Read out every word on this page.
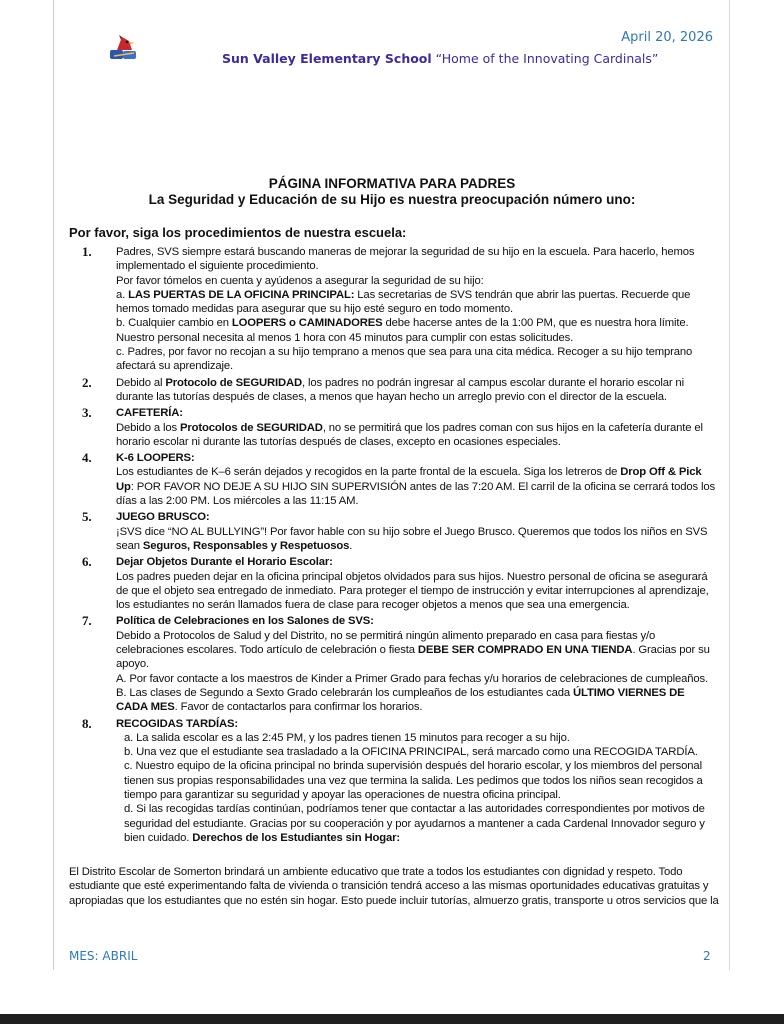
April 20, 2026
Sun Valley Elementary School “Home of the Innovating Cardinals”
PÁGINA INFORMATIVA PARA PADRES
La Seguridad y Educación de su Hijo es nuestra preocupación número uno:
Por favor, siga los procedimientos de nuestra escuela:
1. Padres, SVS siempre estará buscando maneras de mejorar la seguridad de su hijo en la escuela. Para hacerlo, hemos implementado el siguiente procedimiento.

Por favor tómelos en cuenta y ayúdenos a asegurar la seguridad de su hijo:

a. LAS PUERTAS DE LA OFICINA PRINCIPAL: Las secretarias de SVS tendrán que abrir las puertas. Recuerde que hemos tomado medidas para asegurar que su hijo esté seguro en todo momento.

b. Cualquier cambio en LOOPERS o CAMINADORES debe hacerse antes de la 1:00 PM, que es nuestra hora límite. Nuestro personal necesita al menos 1 hora con 45 minutos para cumplir con estas solicitudes.

c. Padres, por favor no recojan a su hijo temprano a menos que sea para una cita médica. Recoger a su hijo temprano afectará su aprendizaje.

2. Debido al Protocolo de SEGURIDAD, los padres no podrán ingresar al campus escolar durante el horario escolar ni durante las tutorías después de clases, a menos que hayan hecho un arreglo previo con el director de la escuela.

3. CAFETERÍA:

Debido a los Protocolos de SEGURIDAD, no se permitirá que los padres coman con sus hijos en la cafetería durante el horario escolar ni durante las tutorías después de clases, excepto en ocasiones especiales.

4. K-6 LOOPERS:

Los estudiantes de K–6 serán dejados y recogidos en la parte frontal de la escuela. Siga los letreros de Drop Off & Pick Up: POR FAVOR NO DEJE A SU HIJO SIN SUPERVISIÓN antes de las 7:20 AM. El carril de la oficina se cerrará todos los días a las 2:00 PM. Los miércoles a las 11:15 AM.

5. JUEGO BRUSCO:

¡SVS dice “NO AL BULLYING”! Por favor hable con su hijo sobre el Juego Brusco. Queremos que todos los niños en SVS sean Seguros, Responsables y Respetuosos.

6. Dejar Objetos Durante el Horario Escolar:

Los padres pueden dejar en la oficina principal objetos olvidados para sus hijos. Nuestro personal de oficina se asegurará de que el objeto sea entregado de inmediato. Para proteger el tiempo de instrucción y evitar interrupciones al aprendizaje, los estudiantes no serán llamados fuera de clase para recoger objetos a menos que sea una emergencia.

7. Política de Celebraciones en los Salones de SVS:

Debido a Protocolos de Salud y del Distrito, no se permitirá ningún alimento preparado en casa para fiestas y/o celebraciones escolares. Todo artículo de celebración o fiesta DEBE SER COMPRADO EN UNA TIENDA. Gracias por su apoyo.

A. Por favor contacte a los maestros de Kinder a Primer Grado para fechas y/u horarios de celebraciones de cumpleaños.

B. Las clases de Segundo a Sexto Grado celebrarán los cumpleaños de los estudiantes cada ÚLTIMO VIERNES DE CADA MES. Favor de contactarlos para confirmar los horarios.

8. RECOGIDAS TARDÍAS:

a. La salida escolar es a las 2:45 PM, y los padres tienen 15 minutos para recoger a su hijo.

b. Una vez que el estudiante sea trasladado a la OFICINA PRINCIPAL, será marcado como una RECOGIDA TARDÍA.

c. Nuestro equipo de la oficina principal no brinda supervisión después del horario escolar, y los miembros del personal tienen sus propias responsabilidades una vez que termina la salida. Les pedimos que todos los niños sean recogidos a tiempo para garantizar su seguridad y apoyar las operaciones de nuestra oficina principal.

d. Si las recogidas tardías continúan, podríamos tener que contactar a las autoridades correspondientes por motivos de seguridad del estudiante. Gracias por su cooperación y por ayudarnos a mantener a cada Cardenal Innovador seguro y bien cuidado. Derechos de los Estudiantes sin Hogar:

El Distrito Escolar de Somerton brindará un ambiente educativo que trate a todos los estudiantes con dignidad y respeto. Todo estudiante que esté experimentando falta de vivienda o transición tendrá acceso a las mismas oportunidades educativas gratuitas y apropiadas que los estudiantes que no estén sin hogar. Esto puede incluir tutorías, almuerzo gratis, transporte u otros servicios que la
MES: ABRIL	2
